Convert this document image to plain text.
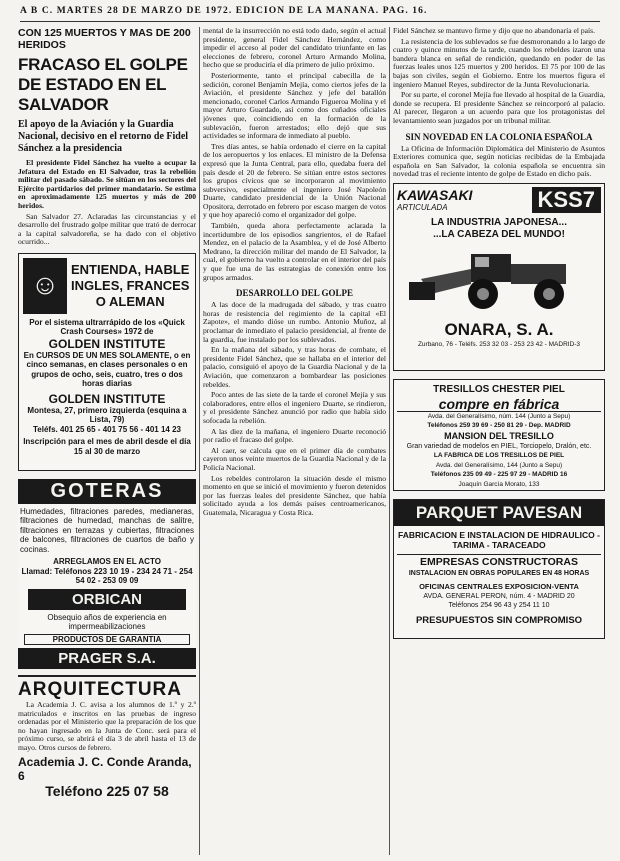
A B C. MARTES 28 DE MARZO DE 1972. EDICION DE LA MAÑANA. PAG. 16.
CON 125 MUERTOS Y MAS DE 200 HERIDOS
FRACASO EL GOLPE DE ESTADO EN EL SALVADOR
El apoyo de la Aviación y la Guardia Nacional, decisivo en el retorno de Fidel Sánchez a la presidencia

El presidente Fidel Sánchez ha vuelto a ocupar la Jefatura del Estado en El Salvador, tras la rebelión militar del pasado sábado. Se sitúan en los sectores del Ejército partidarios del primer mandatario. Se estima en aproximadamente 125 muertos y más de 200 heridos.

San Salvador 27. Aclaradas las circunstancias y el desarrollo del frustrado golpe militar que trató de derrocar a la capital salvadoreña, se ha dado con el objetivo ocurrido...

☺
ENTIENDA, HABLE
INGLES, FRANCES
O ALEMAN
Por el sistema ultrarrápido de los «Quick Crash Courses» 1972 de
GOLDEN INSTITUTE
En CURSOS DE UN MES SOLAMENTE, o en cinco semanas, en clases personales o en grupos de ocho, seis, cuatro, tres o dos horas diarias
GOLDEN INSTITUTE
Montesa, 27, primero izquierda (esquina a Lista, 79)
Teléfs. 401 25 65 - 401 75 56 - 401 14 23
Inscripción para el mes de abril desde el día 15 al 30 de marzo
GOTERAS
Humedades, filtraciones paredes, medianeras, filtraciones de humedad, manchas de salitre, filtraciones en terrazas y cubiertas, filtraciones de balcones, filtraciones de cuartos de baño y cocinas.
ARREGLAMOS EN EL ACTO
Llamad: Teléfonos 223 10 19 - 234 24 71 - 254 54 02 - 253 09 09
ORBICAN
Obsequio años de experiencia en impermeabilizaciones
PRODUCTOS DE GARANTIA
PRAGER S.A.
ARQUITECTURA

La Academia J. C. avisa a los alumnos de 1.º y 2.º matriculados e inscritos en las pruebas de ingreso ordenadas por el Ministerio que la preparación de los que no hayan ingresado en la Junta de Conc. será para el próximo curso, se abrirá el día 3 de abril hasta el 13 de mayo. Otros cursos de febrero.

Academia J. C. Conde Aranda, 6
Teléfono 225 07 58

mental de la insurrección no está todo dado, según el actual presidente, general Fidel Sánchez Hernández, como impedir el acceso al poder del candidato triunfante en las elecciones de febrero, coronel Arturo Armando Molina, hecho que se produciría el día primero de julio próximo.

Posteriormente, tanto el principal cabecilla de la sedición, coronel Benjamín Mejía, como ciertos jefes de la Aviación, el presidente Sánchez y jefe del batallón mencionado, coronel Carlos Armando Figueroa Molina y el mayor Arturo Guardado, así como dos cuñados oficiales jóvenes que, coincidiendo en la formación de la sublevación, fueron arrestados; ello dejó que sus actividades se informara de inmediato al pueblo.

Tres días antes, se había ordenado el cierre en la capital de los aeropuertos y los enlaces. El ministro de la Defensa expresó que la Junta Central, para ello, quedaba fuera del país desde el 20 de febrero. Se sitúan entre estos sectores los grupos cívicos que se incorporaron al movimiento subversivo, especialmente el ingeniero José Napoleón Duarte, candidato presidencial de la Unión Nacional Opositora, derrotado en febrero por escaso margen de votos y que hoy apareció como el organizador del golpe.

También, queda ahora perfectamente aclarada la incertidumbre de los episodios sangrientos, el de Rafael Mendez, en el palacio de la Asamblea, y el de José Alberto Medrano, la dirección militar del mando de El Salvador, la cual, el gobierno ha vuelto a controlar en el interior del país y que fue una de las estrategias de conexión entre los grupos armados.

DESARROLLO DEL GOLPE

A las doce de la madrugada del sábado, y tras cuatro horas de resistencia del regimiento de la capital «El Zapote», el mando dióse un rumbo. Antonio Muñoz, al proclamar de inmediato el palacio presidencial, al frente de la guardia, fue instalado por los sublevados.

En la mañana del sábado, y tras horas de combate, el presidente Fidel Sánchez, que se hallaba en el interior del palacio, consiguió el apoyo de la Guardia Nacional y de la Aviación, que comenzaron a bombardear las posiciones rebeldes.

Poco antes de las siete de la tarde el coronel Mejía y sus colaboradores, entre ellos el ingeniero Duarte, se rindieron, y el presidente Sánchez anunció por radio que había sido sofocada la rebelión.

A las diez de la mañana, el ingeniero Duarte reconoció por radio el fracaso del golpe.

Al caer, se calcula que en el primer día de combates cayeron unos veinte muertos de la Guardia Nacional y de la Policía Nacional.

Los rebeldes controlaron la situación desde el mismo momento en que se inició el movimiento y fueron detenidos por las fuerzas leales del presidente Sánchez, que había solicitado ayuda a los demás países centroamericanos, Guatemala, Nicaragua y Costa Rica.

Fidel Sánchez se mantuvo firme y dijo que no abandonaría el país.

La resistencia de los sublevados se fue desmoronando a lo largo de cuatro y quince minutos de la tarde, cuando los rebeldes izaron una bandera blanca en señal de rendición, quedando en poder de las fuerzas leales unos 125 muertos y 200 heridos. El 75 por 100 de las bajas son civiles, según el Gobierno. Entre los muertos figura el ingeniero Manuel Reyes, subdirector de la Junta Revolucionaria.

Por su parte, el coronel Mejía fue llevado al hospital de la Guardia, donde se recupera. El presidente Sánchez se reincorporó al palacio. Al parecer, llegaron a un acuerdo para que los protagonistas del levantamiento sean juzgados por un tribunal militar.

SIN NOVEDAD EN LA COLONIA ESPAÑOLA

La Oficina de Información Diplomática del Ministerio de Asuntos Exteriores comunica que, según noticias recibidas de la Embajada española en San Salvador, la colonia española se encuentra sin novedad tras el reciente intento de golpe de Estado en dicho país.

KAWASAKI
ARTICULADA	KSS7
LA INDUSTRIA JAPONESA...
...LA CABEZA DEL MUNDO!
ONARA, S. A.
Zurbano, 76 - Teléfs. 253 32 03 - 253 23 42 - MADRID-3
TRESILLOS CHESTER PIEL
compre en fábrica
Avda. del Generalísimo, núm. 144 (Junto a Sepu)
Teléfonos 259 39 69 - 250 81 29 - Dep. MADRID
MANSION DEL TRESILLO
Gran variedad de modelos en PIEL, Torciopelo, Dralón, etc.
LA FABRICA DE LOS TRESILLOS DE PIEL
Avda. del Generalísimo, 144 (Junto a Sepu)
Teléfonos 235 09 49 - 225 97 29 - MADRID 16
Joaquín García Morato, 133
PARQUET PAVESAN
FABRICACION E INSTALACION DE HIDRAULICO - TARIMA - TARACEADO
EMPRESAS CONSTRUCTORAS
INSTALACION EN OBRAS POPULARES EN 48 HORAS
OFICINAS CENTRALES EXPOSICION-VENTA
AVDA. GENERAL PERON, núm. 4 - MADRID 20
Teléfonos 254 96 43 y 254 11 10
PRESUPUESTOS SIN COMPROMISO
